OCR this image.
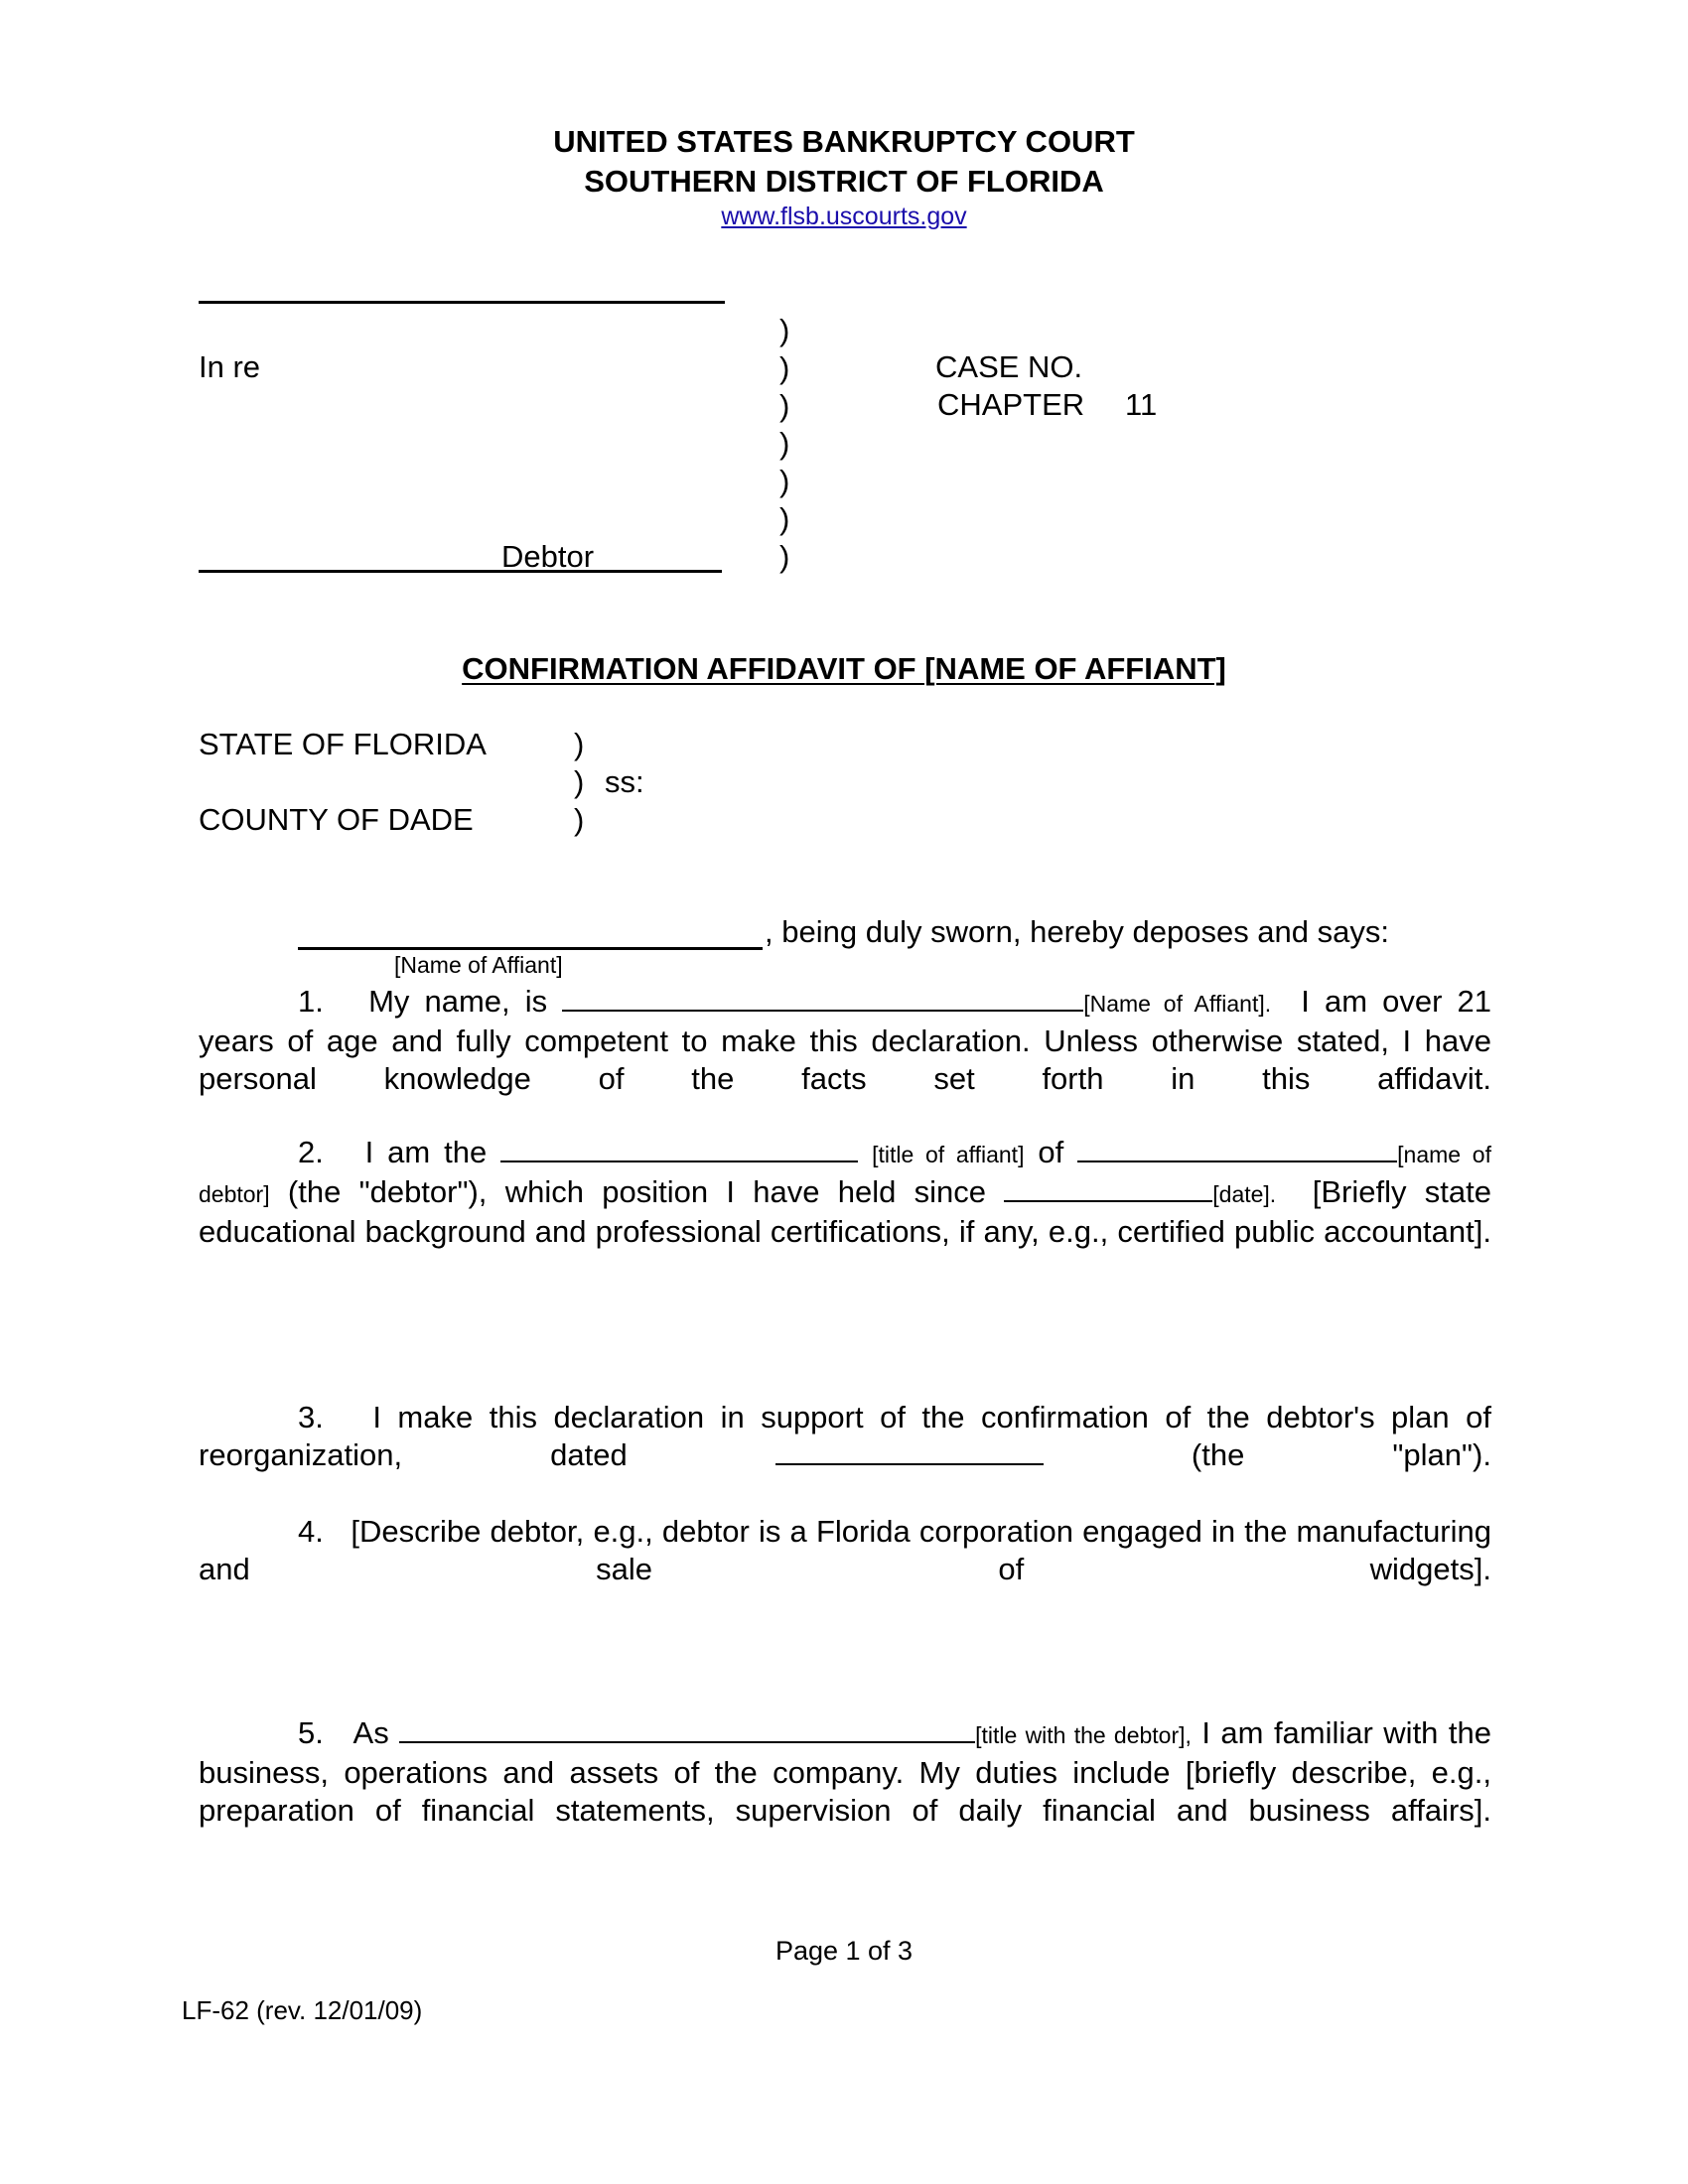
UNITED STATES BANKRUPTCY COURT
SOUTHERN DISTRICT OF FLORIDA
www.flsb.uscourts.gov
In re
Debtor
)
)
)
)
)
)
)
CASE NO.
CHAPTER 11
CONFIRMATION AFFIDAVIT OF [NAME OF AFFIANT]
STATE OF FLORIDA	)
) ss:
)
COUNTY OF DADE
, being duly sworn, hereby deposes and says:
[Name of Affiant]
1. My name, is	[Name of Affiant]. I am over 21 years of age and fully competent to make this declaration. Unless otherwise stated, I have personal knowledge of the facts set forth in this affidavit.
2. I am the	[title of affiant] of	[name of debtor] (the "debtor"), which position I have held since	[date]. [Briefly state educational background and professional certifications, if any, e.g., certified public accountant].
3. I make this declaration in support of the confirmation of the debtor's plan of reorganization, dated	(the "plan").
4. [Describe debtor, e.g., debtor is a Florida corporation engaged in the manufacturing and sale of widgets].
5. As	[title with the debtor], I am familiar with the business, operations and assets of the company. My duties include [briefly describe, e.g., preparation of financial statements, supervision of daily financial and business affairs].
Page 1 of 3
LF-62 (rev. 12/01/09)
